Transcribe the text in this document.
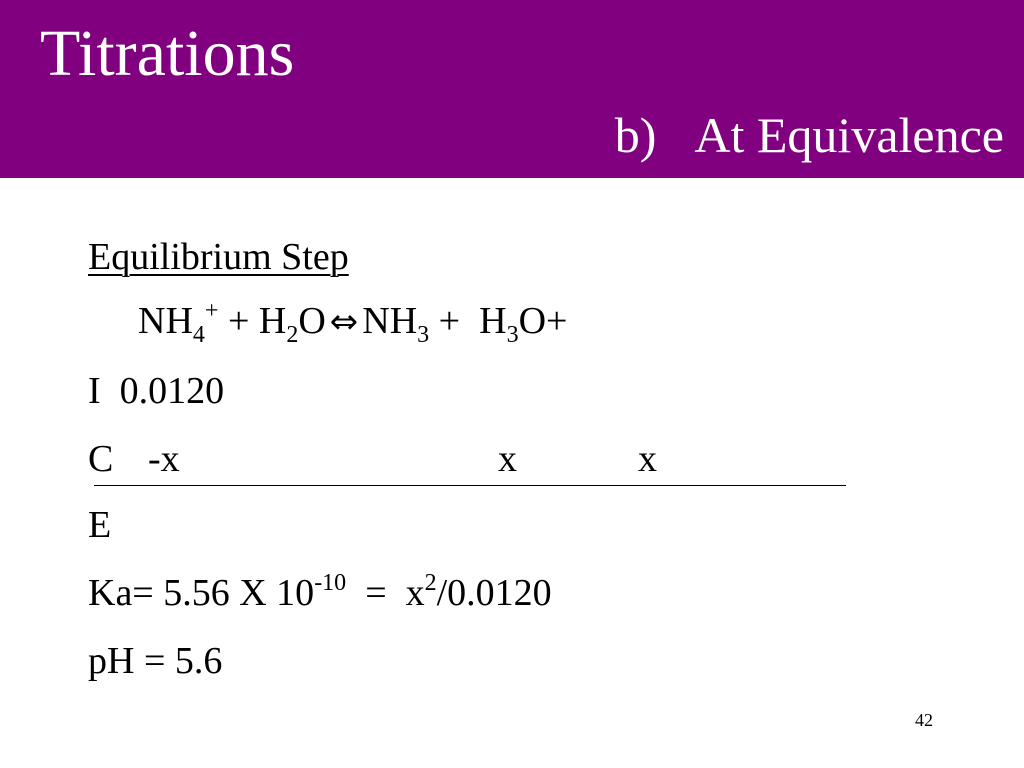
Titrations
b) At Equivalence
Equilibrium Step
$NH_4^+ + H_2O$ ⇔ $NH_3 + H_3O+$
I 0.0120
C -x	x	x
E
Ka= 5.56 X $10^{-10} = x^2/0.0120$
pH = 5.6
42
